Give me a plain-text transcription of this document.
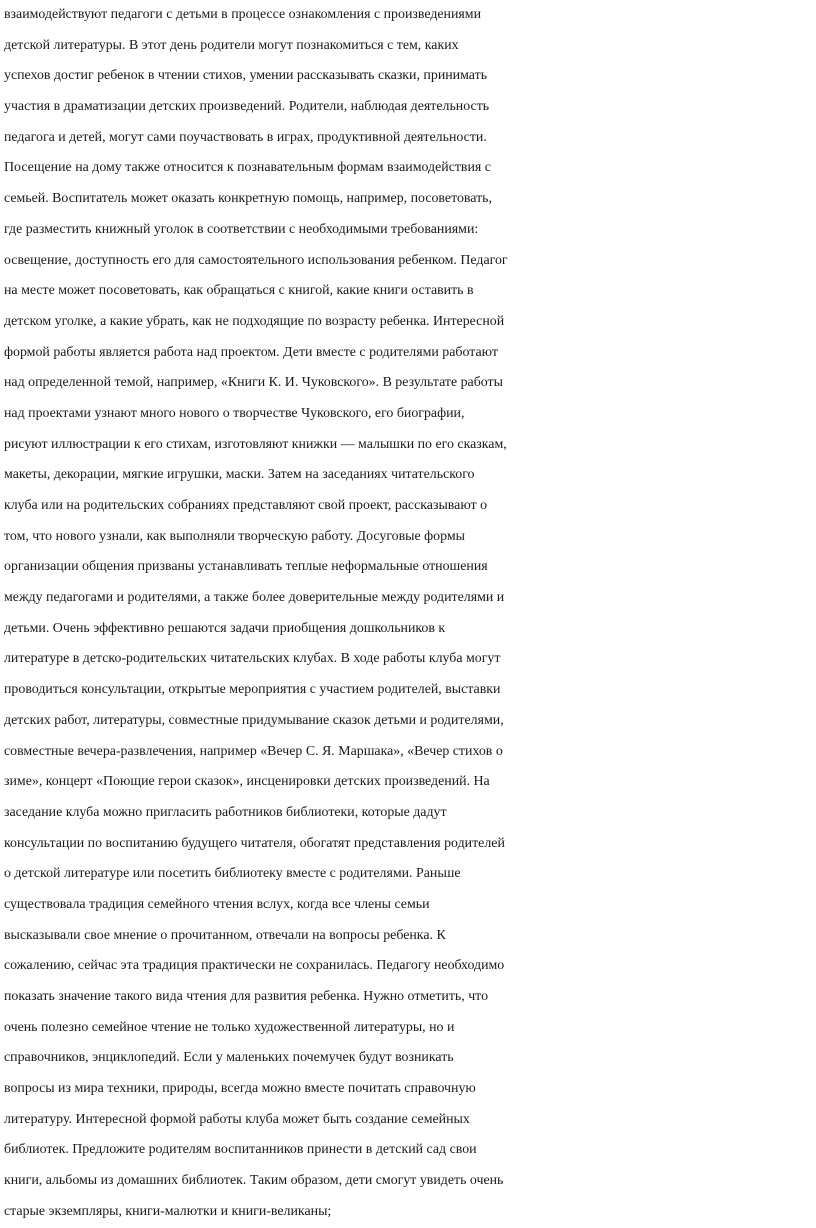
взаимодействуют педагоги с детьми в процессе ознакомления с произведениями
детской литературы. В этот день родители могут познакомиться с тем, каких
успехов достиг ребенок в чтении стихов, умении рассказывать сказки, принимать
участия в драматизации детских произведений. Родители, наблюдая деятельность
педагога и детей, могут сами поучаствовать в играх, продуктивной деятельности.
Посещение на дому также относится к познавательным формам взаимодействия с
семьей. Воспитатель может оказать конкретную помощь, например, посоветовать,
где разместить книжный уголок в соответствии с необходимыми требованиями:
освещение, доступность его для самостоятельного использования ребенком. Педагог
на месте может посоветовать, как обращаться с книгой, какие книги оставить в
детском уголке, а какие убрать, как не подходящие по возрасту ребенка. Интересной
формой работы является работа над проектом. Дети вместе с родителями работают
над определенной темой, например, «Книги К. И. Чуковского». В результате работы
над проектами узнают много нового о творчестве Чуковского, его биографии,
рисуют иллюстрации к его стихам, изготовляют книжки — малышки по его сказкам,
макеты, декорации, мягкие игрушки, маски. Затем на заседаниях читательского
клуба или на родительских собраниях представляют свой проект, рассказывают о
том, что нового узнали, как выполняли творческую работу. Досуговые формы
организации общения призваны устанавливать теплые неформальные отношения
между педагогами и родителями, а также более доверительные между родителями и
детьми. Очень эффективно решаются задачи приобщения дошкольников к
литературе в детско-родительских читательских клубах. В ходе работы клуба могут
проводиться консультации, открытые мероприятия с участием родителей, выставки
детских работ, литературы, совместные придумывание сказок детьми и родителями,
совместные вечера-развлечения, например «Вечер С. Я. Маршака», «Вечер стихов о
зиме», концерт «Поющие герои сказок», инсценировки детских произведений. На
заседание клуба можно пригласить работников библиотеки, которые дадут
консультации по воспитанию будущего читателя, обогатят представления родителей
о детской литературе или посетить библиотеку вместе с родителями. Раньше
существовала традиция семейного чтения вслух, когда все члены семьи
высказывали свое мнение о прочитанном, отвечали на вопросы ребенка. К
сожалению, сейчас эта традиция практически не сохранилась. Педагогу необходимо
показать значение такого вида чтения для развития ребенка. Нужно отметить, что
очень полезно семейное чтение не только художественной литературы, но и
справочников, энциклопедий. Если у маленьких почемучек будут возникать
вопросы из мира техники, природы, всегда можно вместе почитать справочную
литературу. Интересной формой работы клуба может быть создание семейных
библиотек. Предложите родителям воспитанников принести в детский сад свои
книги, альбомы из домашних библиотек. Таким образом, дети смогут увидеть очень
старые экземпляры, книги-малютки и книги-великаны;
